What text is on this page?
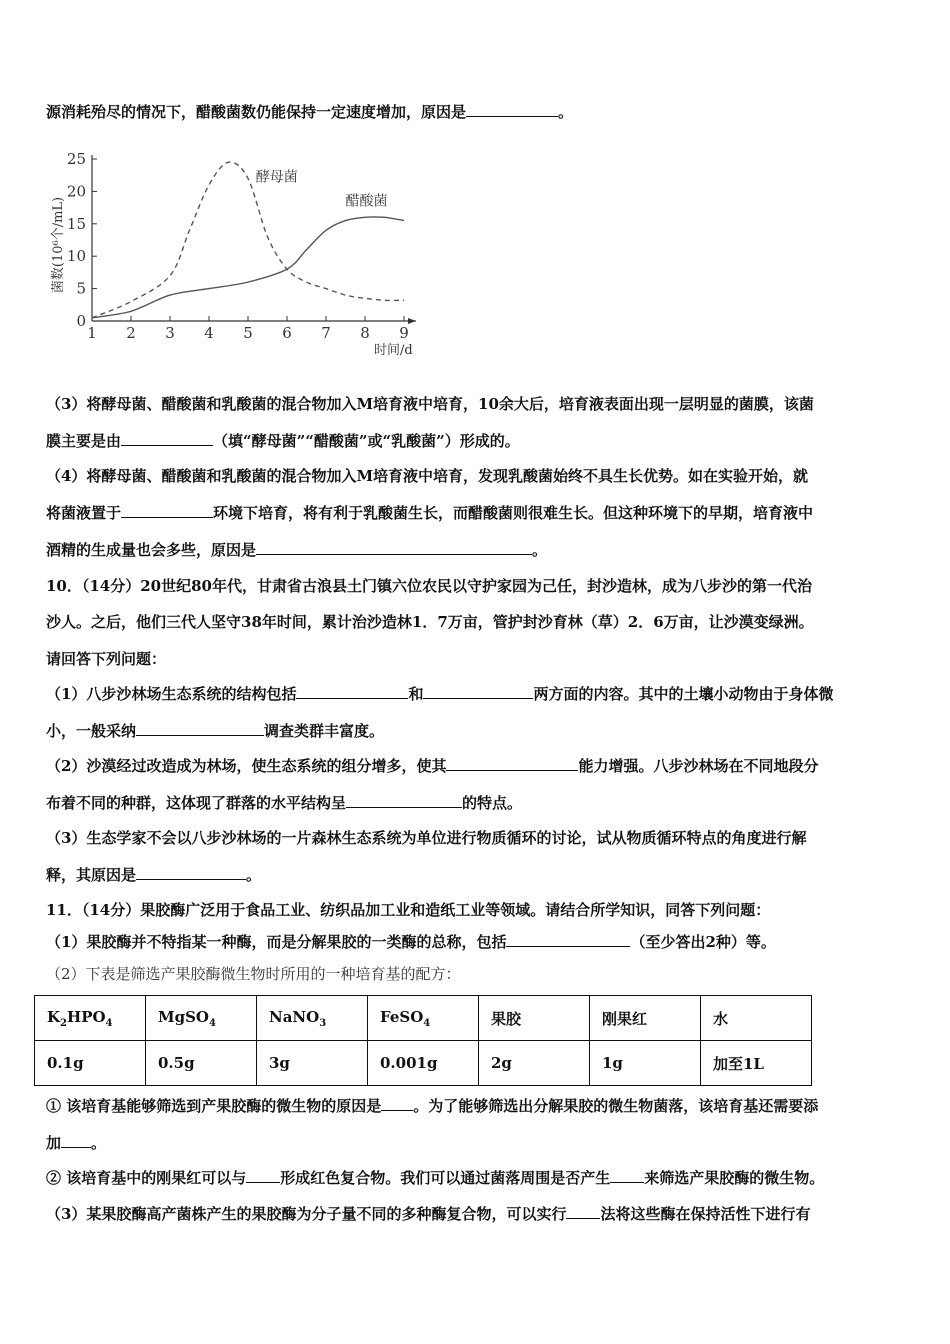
源消耗殆尽的情况下，醋酸菌数仍能保持一定速度增加，原因是	。
0
5
10
15
20
25
1 2 3 4 5 6 7 8 9
菌数(10⁶个/mL)
时间/d
酵母菌
醋酸菌
（3）将酵母菌、醋酸菌和乳酸菌的混合物加入M培育液中培育，10余大后，培育液表面出现一层明显的菌膜，该菌
膜主要是由	（填“酵母菌”“醋酸菌”或“乳酸菌”）形成的。
（4）将酵母菌、醋酸菌和乳酸菌的混合物加入M培育液中培育，发现乳酸菌始终不具生长优势。如在实验开始，就
将菌液置于	环境下培育，将有利于乳酸菌生长，而醋酸菌则很难生长。但这种环境下的早期，培育液中
酒精的生成量也会多些，原因是	。
10．（14分）20世纪80年代，甘肃省古浪县土门镇六位农民以守护家园为己任，封沙造林，成为八步沙的第一代治
沙人。之后，他们三代人坚守38年时间，累计治沙造林1．7万亩，管护封沙育林（草）2．6万亩，让沙漠变绿洲。
请回答下列问题：
（1）八步沙林场生态系统的结构包括	和	两方面的内容。其中的土壤小动物由于身体微
小，一般采纳	调查类群丰富度。
（2）沙漠经过改造成为林场，使生态系统的组分增多，使其	能力增强。八步沙林场在不同地段分
布着不同的种群，这体现了群落的水平结构呈	的特点。
（3）生态学家不会以八步沙林场的一片森林生态系统为单位进行物质循环的讨论，试从物质循环特点的角度进行解
释，其原因是	。
11．（14分）果胶酶广泛用于食品工业、纺织品加工业和造纸工业等领域。请结合所学知识，同答下列问题：
（1）果胶酶并不特指某一种酶，而是分解果胶的一类酶的总称，包括	（至少答出2种）等。
（2）下表是筛选产果胶酶微生物时所用的一种培育基的配方：
$K_2HPO_4$	MgSO$_4$	NaNO$_3$	FeSO$_4$	果胶	刚果红	水
0.1g	0.5g	3g	0.001g	2g	1g	加至1L
① 该培育基能够筛选到产果胶酶的微生物的原因是 。为了能够筛选出分解果胶的微生物菌落，该培育基还需要添
加 。
② 该培育基中的刚果红可以与 形成红色复合物。我们可以通过菌落周围是否产生 来筛选产果胶酶的微生物。
（3）某果胶酶高产菌株产生的果胶酶为分子量不同的多种酶复合物，可以实行 法将这些酶在保持活性下进行有
